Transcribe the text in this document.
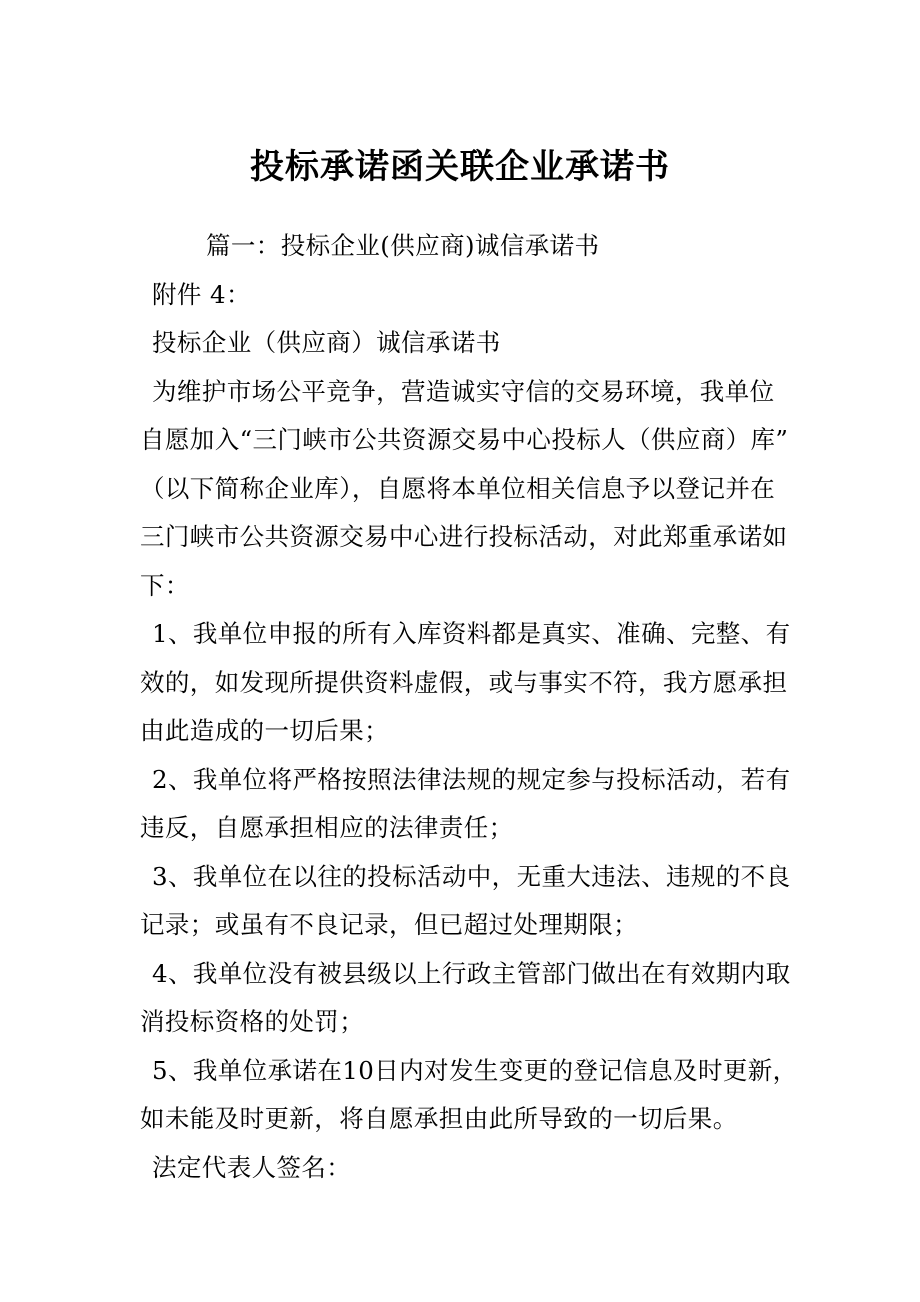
投标承诺函关联企业承诺书

篇一：投标企业(供应商)诚信承诺书

附件 4：

投标企业（供应商）诚信承诺书

为维护市场公平竞争，营造诚实守信的交易环境，我单位

自愿加入“三门峡市公共资源交易中心投标人（供应商）库”

（以下简称企业库），自愿将本单位相关信息予以登记并在

三门峡市公共资源交易中心进行投标活动，对此郑重承诺如

下：

1、我单位申报的所有入库资料都是真实、准确、完整、有

效的，如发现所提供资料虚假，或与事实不符，我方愿承担

由此造成的一切后果；

2、我单位将严格按照法律法规的规定参与投标活动，若有

违反，自愿承担相应的法律责任；

3、我单位在以往的投标活动中，无重大违法、违规的不良

记录；或虽有不良记录，但已超过处理期限；

4、我单位没有被县级以上行政主管部门做出在有效期内取

消投标资格的处罚；

5、我单位承诺在10日内对发生变更的登记信息及时更新，

如未能及时更新，将自愿承担由此所导致的一切后果。

法定代表人签名：
